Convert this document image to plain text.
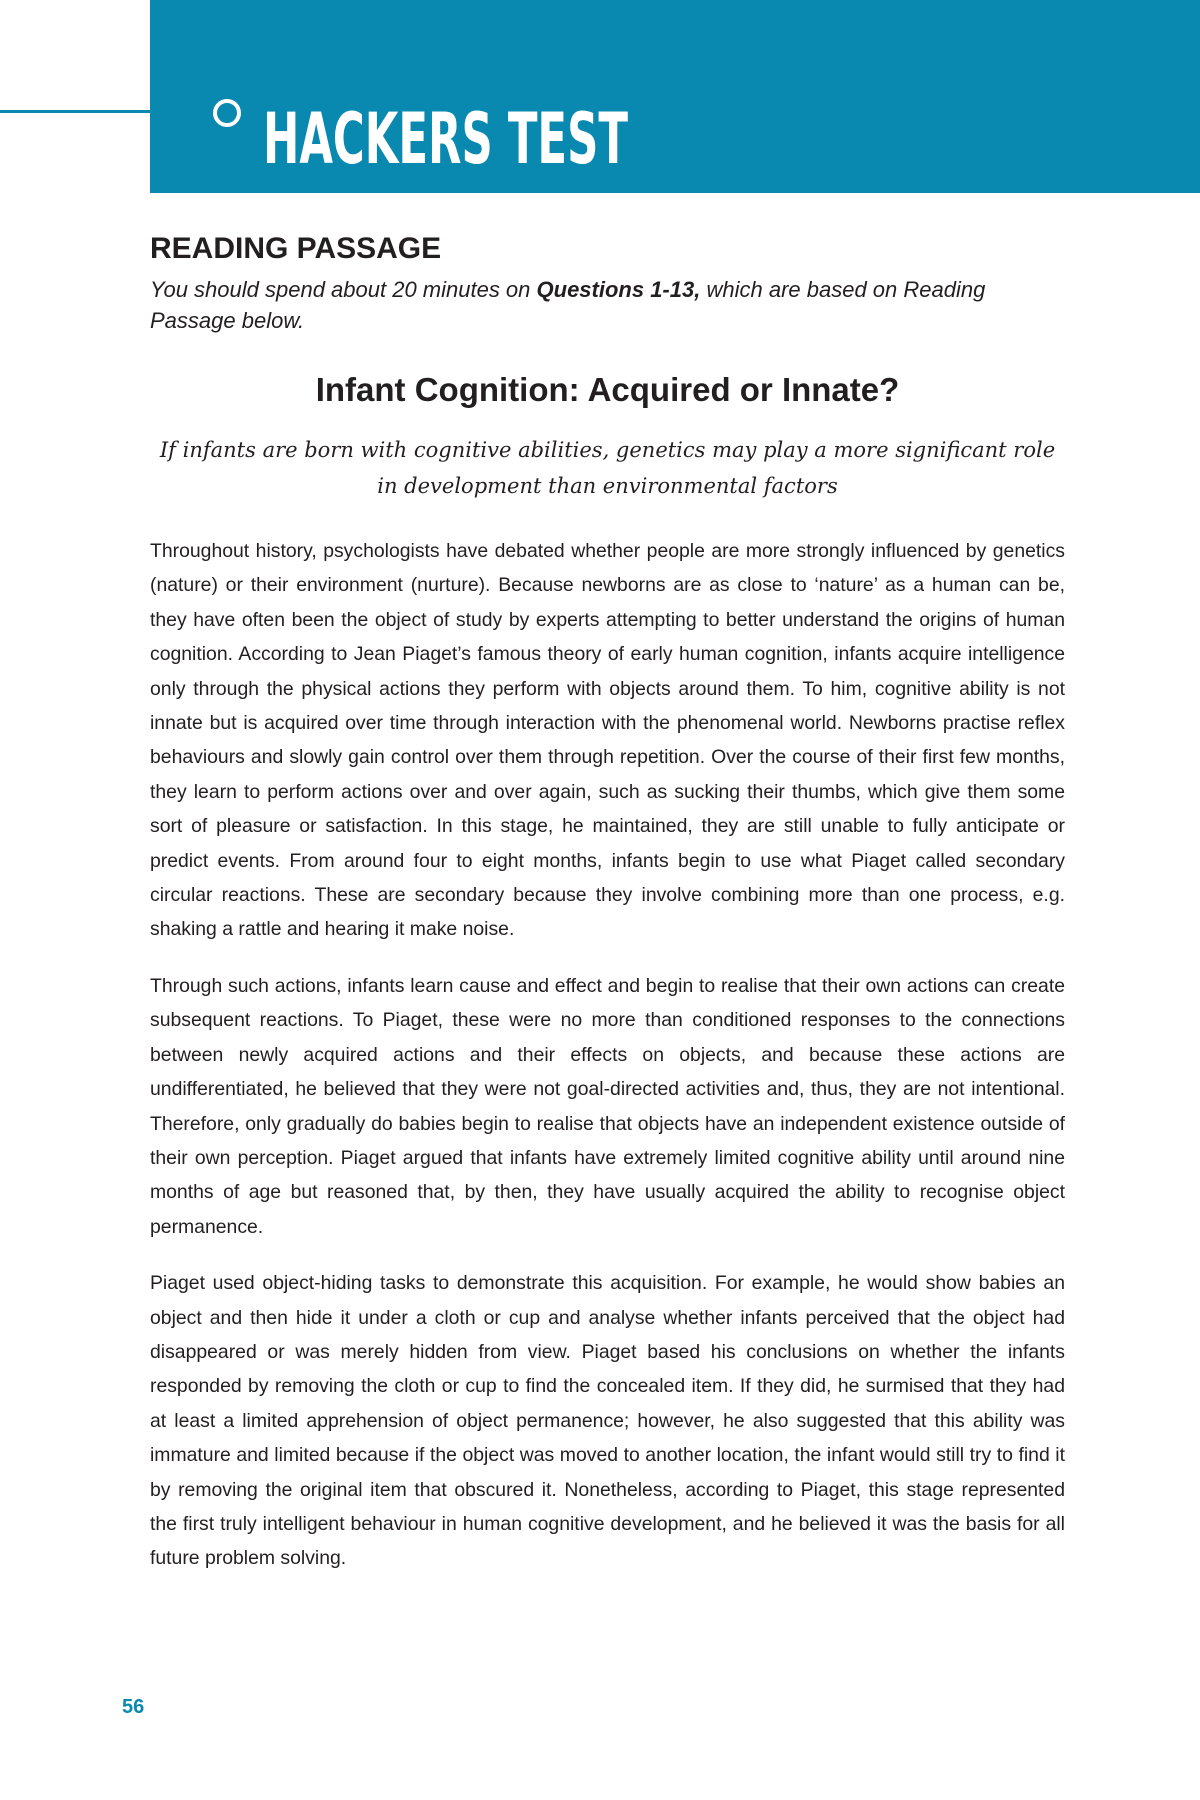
HACKERS TEST
READING PASSAGE

You should spend about 20 minutes on Questions 1-13, which are based on Reading Passage below.

Infant Cognition: Acquired or Innate?

If infants are born with cognitive abilities, genetics may play a more significant role in development than environmental factors

Throughout history, psychologists have debated whether people are more strongly influenced by genetics (nature) or their environment (nurture). Because newborns are as close to ‘nature’ as a human can be, they have often been the object of study by experts attempting to better understand the origins of human cognition. According to Jean Piaget’s famous theory of early human cognition, infants acquire intelligence only through the physical actions they perform with objects around them. To him, cognitive ability is not innate but is acquired over time through interaction with the phenomenal world. Newborns practise reflex behaviours and slowly gain control over them through repetition. Over the course of their first few months, they learn to perform actions over and over again, such as sucking their thumbs, which give them some sort of pleasure or satisfaction. In this stage, he maintained, they are still unable to fully anticipate or predict events. From around four to eight months, infants begin to use what Piaget called secondary circular reactions. These are secondary because they involve combining more than one process, e.g. shaking a rattle and hearing it make noise.

Through such actions, infants learn cause and effect and begin to realise that their own actions can create subsequent reactions. To Piaget, these were no more than conditioned responses to the connections between newly acquired actions and their effects on objects, and because these actions are undifferentiated, he believed that they were not goal-directed activities and, thus, they are not intentional. Therefore, only gradually do babies begin to realise that objects have an independent existence outside of their own perception. Piaget argued that infants have extremely limited cognitive ability until around nine months of age but reasoned that, by then, they have usually acquired the ability to recognise object permanence.

Piaget used object-hiding tasks to demonstrate this acquisition. For example, he would show babies an object and then hide it under a cloth or cup and analyse whether infants perceived that the object had disappeared or was merely hidden from view. Piaget based his conclusions on whether the infants responded by removing the cloth or cup to find the concealed item. If they did, he surmised that they had at least a limited apprehension of object permanence; however, he also suggested that this ability was immature and limited because if the object was moved to another location, the infant would still try to find it by removing the original item that obscured it. Nonetheless, according to Piaget, this stage represented the first truly intelligent behaviour in human cognitive development, and he believed it was the basis for all future problem solving.

56
